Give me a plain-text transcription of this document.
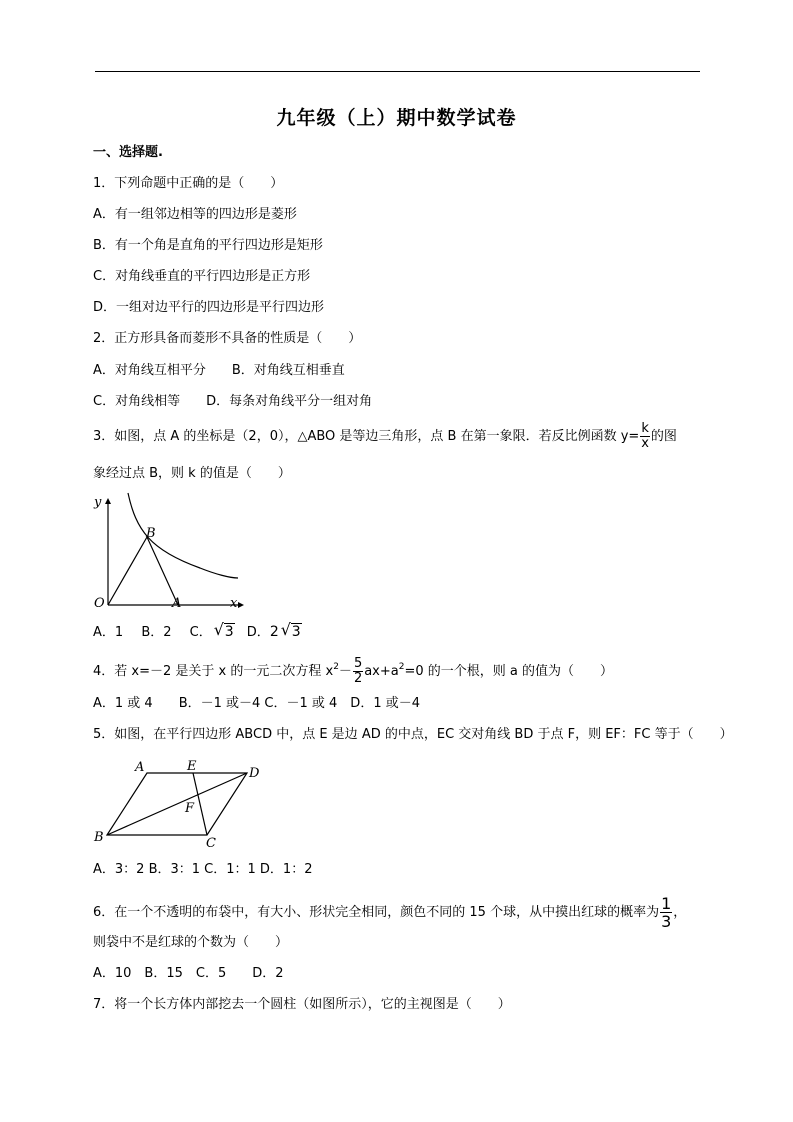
九年级（上）期中数学试卷
一、选择题.
1．下列命题中正确的是（　　）
A．有一组邻边相等的四边形是菱形
B．有一个角是直角的平行四边形是矩形
C．对角线垂直的平行四边形是正方形
D．一组对边平行的四边形是平行四边形
2．正方形具备而菱形不具备的性质是（　　）
A．对角线互相平分　　B．对角线互相垂直
C．对角线相等　　D．每条对角线平分一组对角
3．如图，点 A 的坐标是（2，0），△ABO 是等边三角形，点 B 在第一象限．若反比例函数 $y= \frac{k}{x}$ 的图
象经过点 B，则 k 的值是（　　）
y
B
O	A	x
A．1 B．2 C． √ 3 D．2 √ 3
4．若 x=－2 是关于 x 的一元二次方程 $x^2- \frac{5}{2} ax+a^2=0$ 的一个根，则 a 的值为（　　）
A．1 或 4　　B．－1 或－4 C．－1 或 4　D．1 或－4
5．如图，在平行四边形 ABCD 中，点 E 是边 AD 的中点，EC 交对角线 BD 于点 F，则 EF：FC 等于（　　）
A	E	D
F
B	C
A．3：2 B．3：1 C．1：1 D．1：2
6．在一个不透明的布袋中，有大小、形状完全相同，颜色不同的 15 个球，从中摸出红球的概率为 $\frac{1}{3}$ ，
则袋中不是红球的个数为（　　）
A．10　B．15　C．5　　D．2
7．将一个长方体内部挖去一个圆柱（如图所示），它的主视图是（　　）
